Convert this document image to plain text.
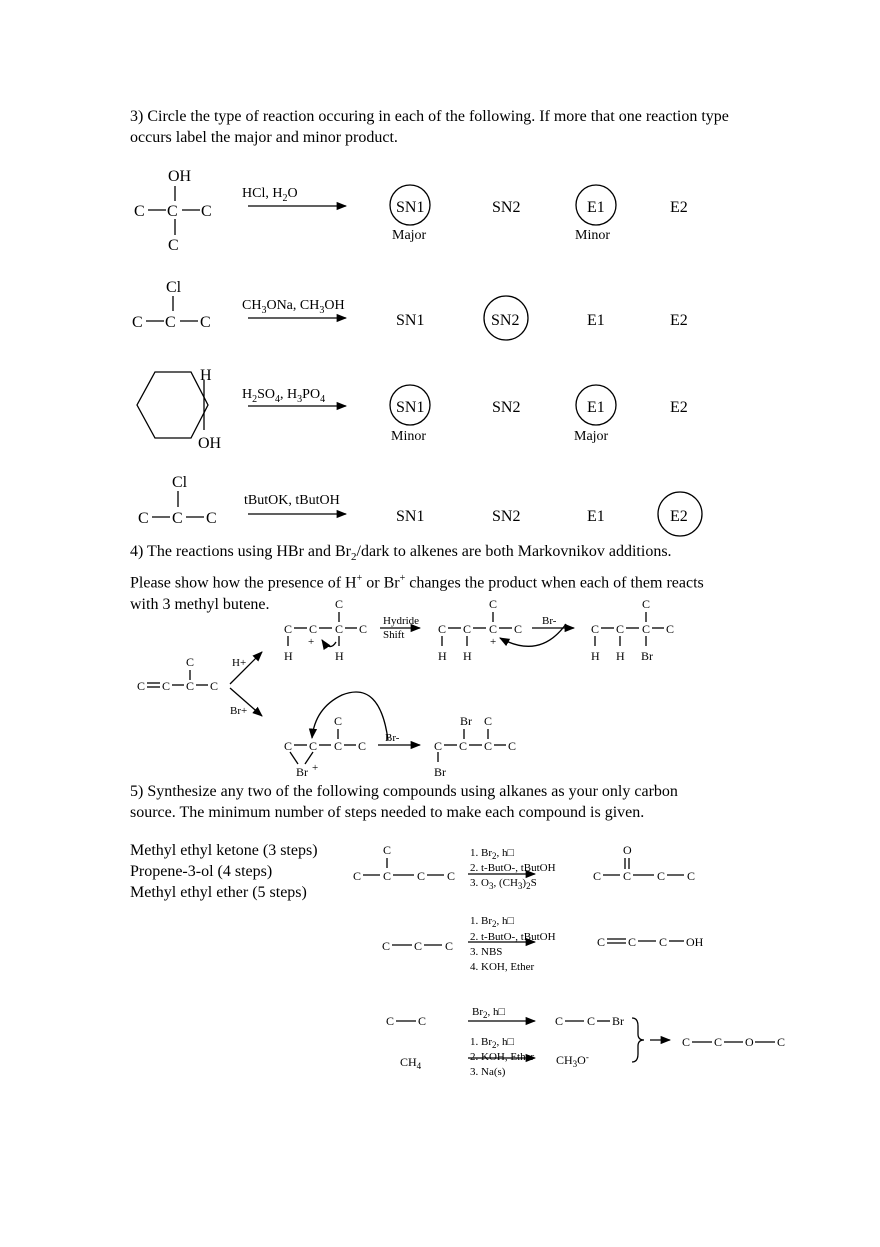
3) Circle the type of reaction occuring in each of the following. If more that one reaction type occurs label the major and minor product.
4) The reactions using HBr and $Br_2$/dark to alkenes are both Markovnikov additions.
Please show how the presence of H+ or Br+ changes the product when each of them reacts
with 3 methyl butene.
5) Synthesize any two of the following compounds using alkanes as your only carbon
source. The minimum number of steps needed to make each compound is given.
Methyl ethyl ketone (3 steps)
Propene-3-ol (4 steps)
Methyl ethyl ether (5 steps)
OH
C C C
C
HCl, $H_2O$
SN1
Major
SN2	E1
Minor
E2
Cl
C C C
$CH_3ONa$, $CH_3OH$
SN1	SN2	E1	E2
H
OH
$H_2SO_4$, $H_3PO_4$	SN1
Minor
SN2	E1
Major
E2
Cl
C C C
tButOK, tButOH
SN1	SN2	E1	E2
C
C C C C
H+
Br+
C
C C C C
H	H
+
Hydride
Shift
C
C C C C
H H
+
Br-
C
C C C C
H H Br
C
C C C C
Br +
Br-
Br C
C C C C
Br
C
C C C C
1. $Br_2$, h□
2. t-ButO-, tButOH
3. $O_3$, $(CH_3)_2S$
O
C C C C
C C C
1. $Br_2$, h□
2. t-ButO-, tButOH
3. NBS
4. KOH, Ether
C C C OH
C C
$Br_2$, h□
C C Br
$CH_4$
1. $Br_2$, h□
2. KOH, Ether
3. Na(s)
$CH_3O^-$
C C O C
